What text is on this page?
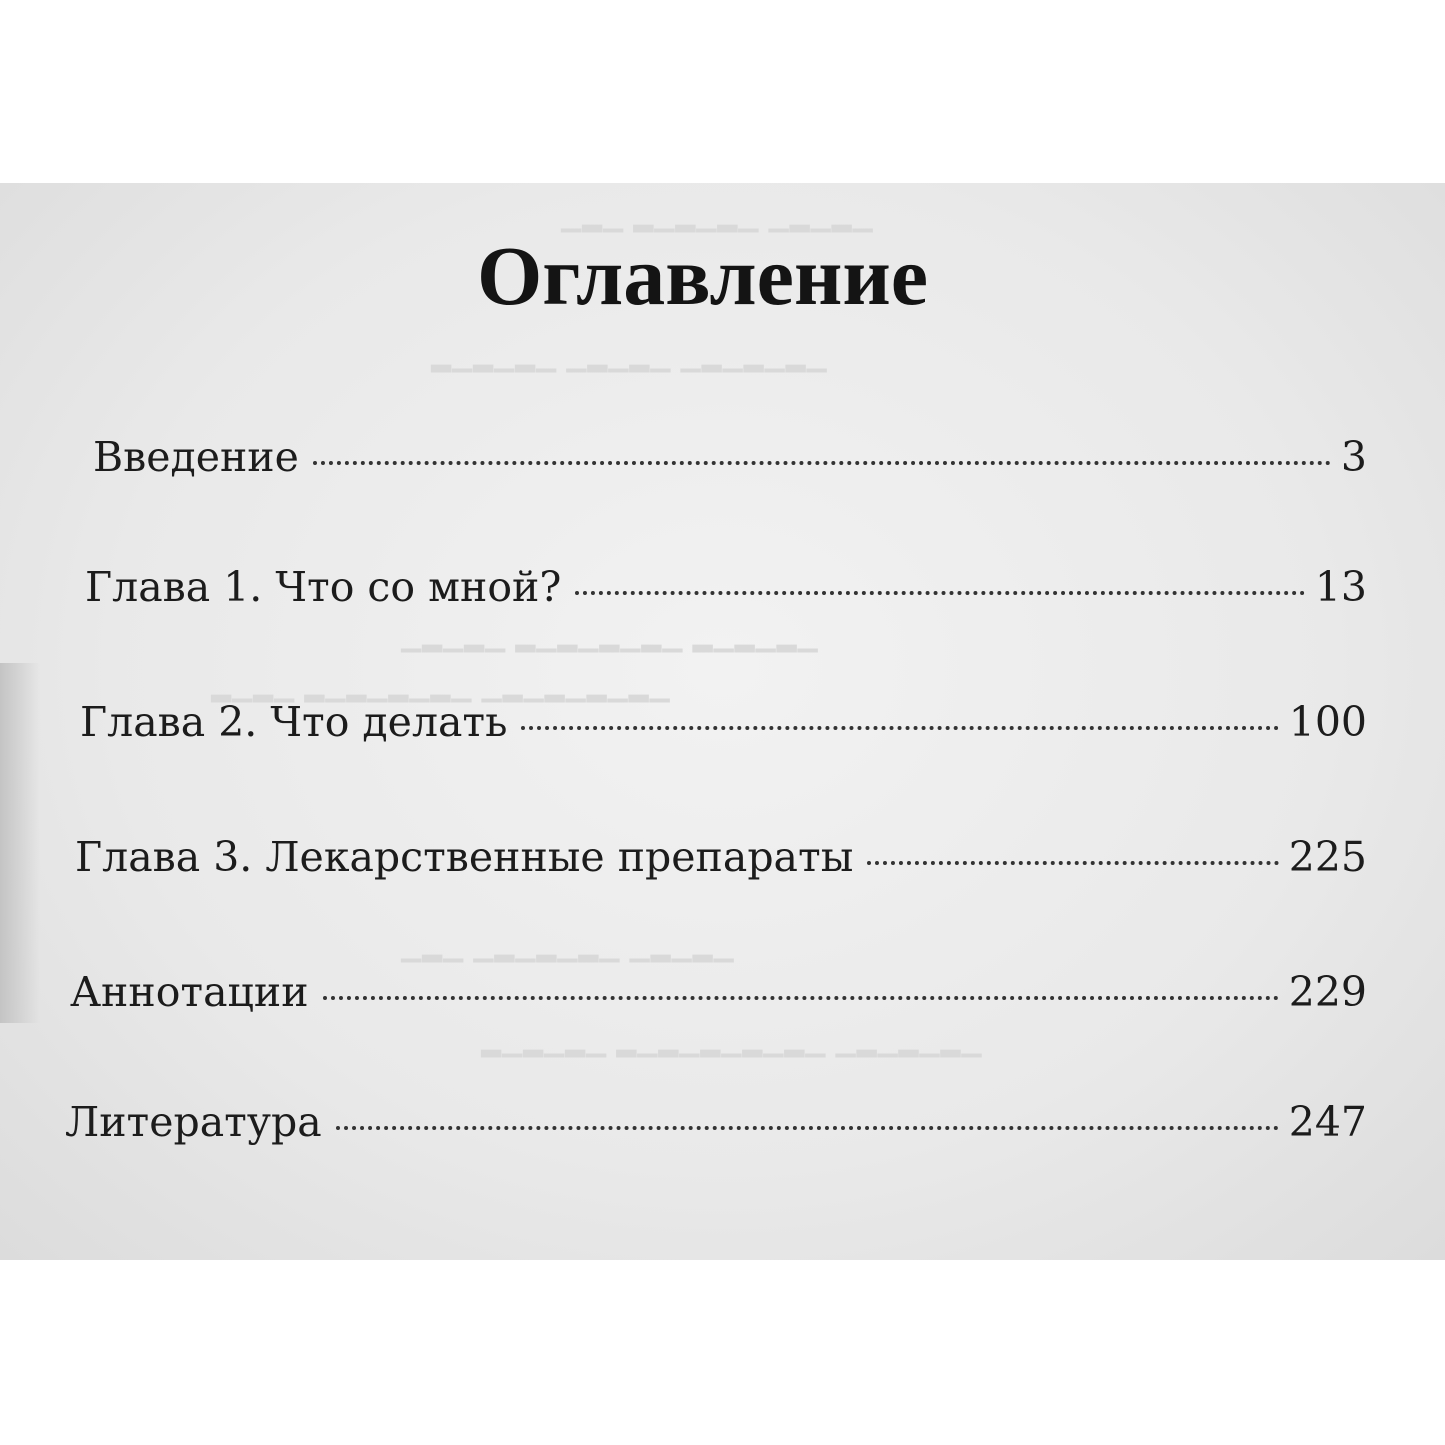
▁▂▁▂▁ ▁▂▁▂▁▂ ▁▂▁
▁▂▁▂▁▂▁ ▁▂▁▂▁ ▁▂▁▂▁▂
▁▂▁▂▁▂ ▁▂▁▂▁▂▁▂ ▁▂▁▂▁
▁▂▁▂▁▂▁▂▁ ▁▂▁▂▁▂▁▂ ▁▂▁▂
▁▂▁▂▁ ▁▂▁▂▁▂▁ ▁▂▁
▁▂▁▂▁▂▁ ▁▂▁▂▁▂▁▂▁▂ ▁▂▁▂▁▂
Оглавление
Введение	3
Глава 1. Что со мной?	13
Глава 2. Что делать	100
Глава 3. Лекарственные препараты	225
Аннотации	229
Литература	247
